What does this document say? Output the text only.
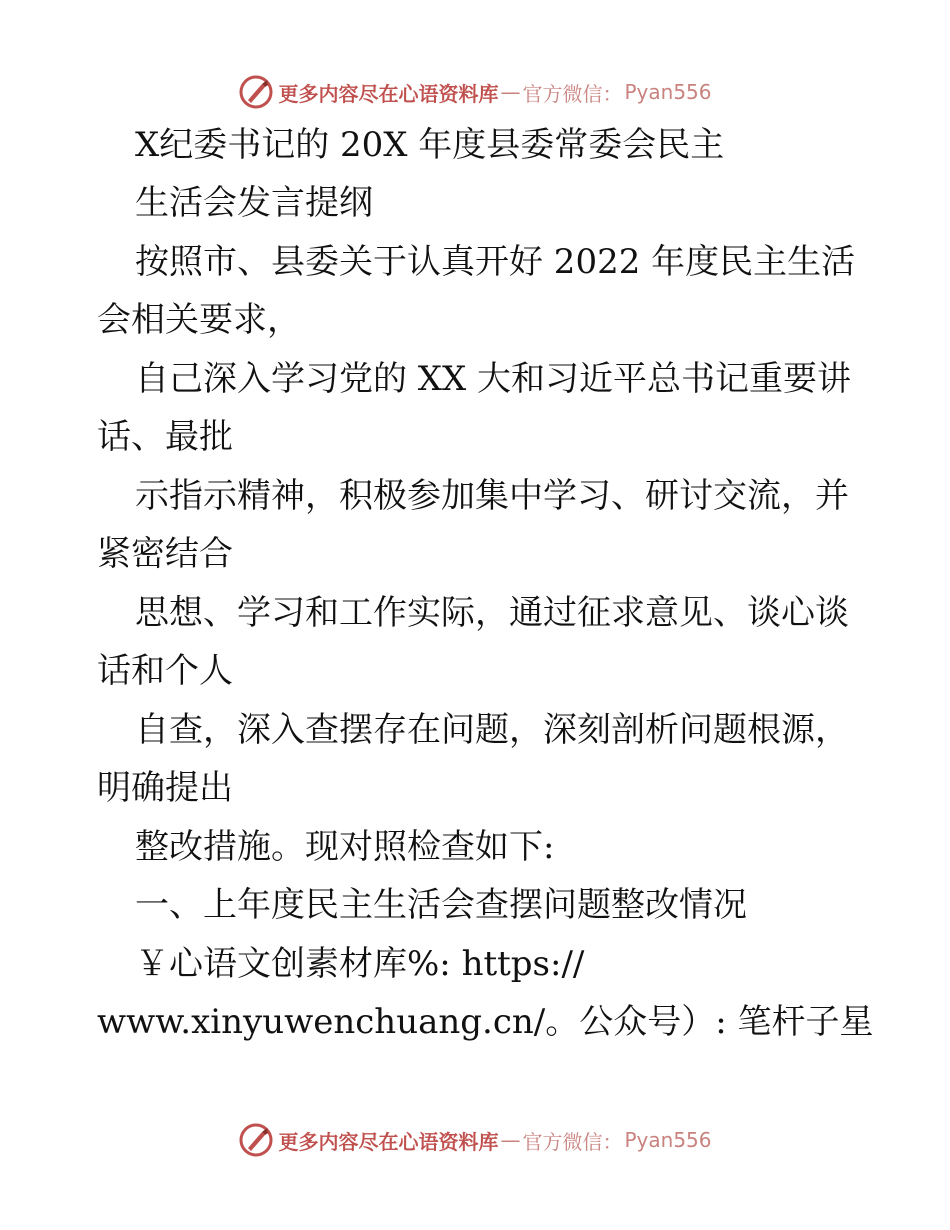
更多内容尽在心语资料库 — 官方微信： Pyan556
X纪委书记的 20X 年度县委常委会民主
生活会发言提纲
按照市、县委关于认真开好 2022 年度民主生活
会相关要求，
自己深入学习党的 XX 大和习近平总书记重要讲
话、最批
示指示精神，积极参加集中学习、研讨交流，并
紧密结合
思想、学习和工作实际，通过征求意见、谈心谈
话和个人
自查，深入查摆存在问题，深刻剖析问题根源，
明确提出
整改措施。现对照检查如下:
一、上年度民主生活会查摆问题整改情况
￥心语文创素材库%: https://
www.xinyuwenchuang.cn/。公众号）: 笔杆子星
更多内容尽在心语资料库 — 官方微信： Pyan556
